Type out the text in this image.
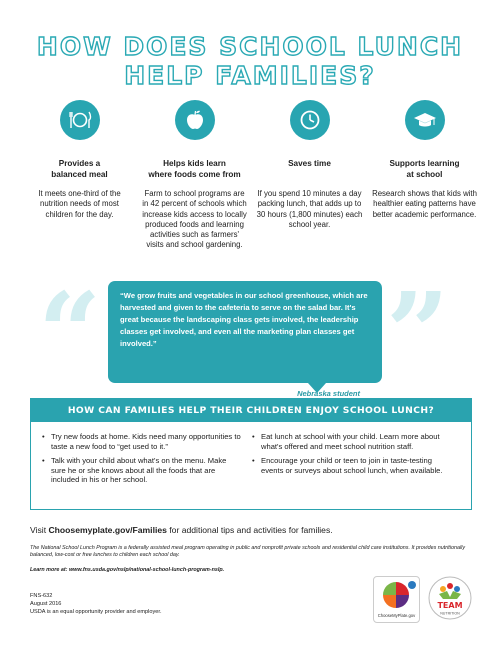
HOW DOES SCHOOL LUNCH
HELP FAMILIES?
Provides a
balanced meal
It meets one-third of the nutrition needs of most children for the day.
Helps kids learn
where foods come from
Farm to school programs are in 42 percent of schools which increase kids access to locally produced foods and learning activities such as farmers' visits and school gardening.
Saves time
If you spend 10 minutes a day packing lunch, that adds up to 30 hours (1,800 minutes) each school year.
Supports learning
at school
Research shows that kids with healthier eating patterns have better academic performance.
“	”
“We grow fruits and vegetables in our school greenhouse, which are harvested and given to the cafeteria to serve on the salad bar. It's great because the landscaping class gets involved, the leadership classes get involved, and even all the marketing plan classes get involved.”
Nebraska student
HOW CAN FAMILIES HELP THEIR CHILDREN ENJOY SCHOOL LUNCH?
• Try new foods at home. Kids need many opportunities to taste a new food to “get used to it.”
• Talk with your child about what's on the menu. Make sure he or she knows about all the foods that are included in his or her school.
• Eat lunch at school with your child. Learn more about what's offered and meet school nutrition staff.
• Encourage your child or teen to join in taste-testing events or surveys about school lunch, when available.
Visit Choosemyplate.gov/Families for additional tips and activities for families.
The National School Lunch Program is a federally assisted meal program operating in public and nonprofit private schools and residential child care institutions. It provides nutritionally balanced, low-cost or free lunches to children each school day.
Learn more at: www.fns.usda.gov/nslp/national-school-lunch-program-nslp.
FNS-632
August 2016
USDA is an equal opportunity provider and employer.
ChooseMyPlate.gov
TEAM
NUTRITION
